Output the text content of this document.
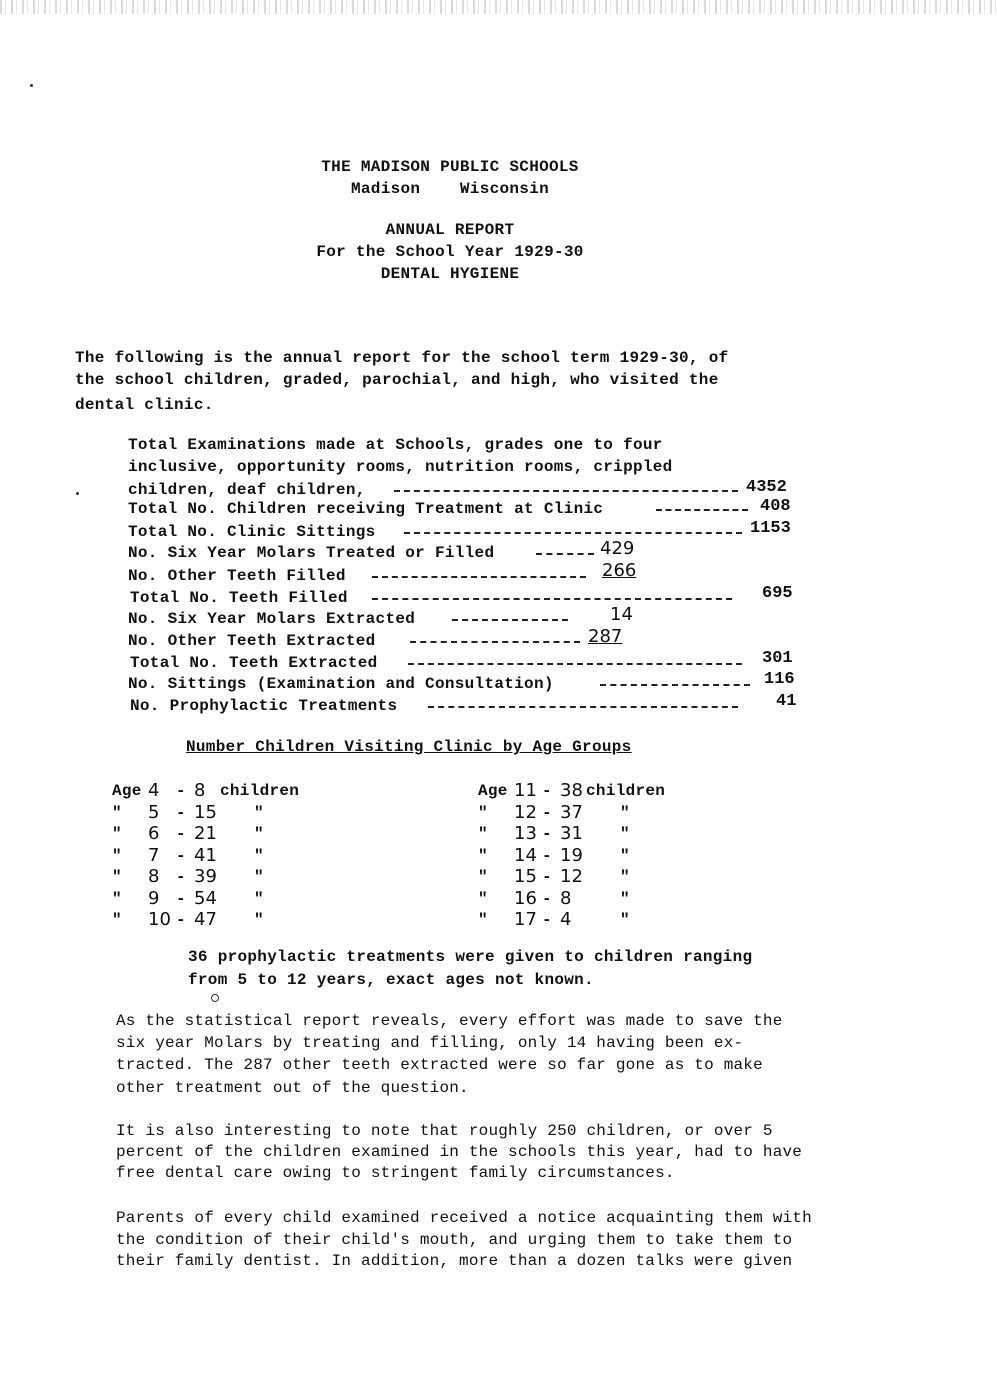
THE MADISON PUBLIC SCHOOLS
Madison    Wisconsin
ANNUAL REPORT
For the School Year 1929-30
DENTAL HYGIENE
The following is the annual report for the school term 1929-30, of
the school children, graded, parochial, and high, who visited the
dental clinic.
Total Examinations made at Schools, grades one to four
inclusive, opportunity rooms, nutrition rooms, crippled
children, deaf children,	4352
Total No. Children receiving Treatment at Clinic	408
Total No. Clinic Sittings	1153
No. Six Year Molars Treated or Filled	429
No. Other Teeth Filled	266
Total No. Teeth Filled	695
No. Six Year Molars Extracted	14
No. Other Teeth Extracted	287
Total No. Teeth Extracted	301
No. Sittings (Examination and Consultation)	116
No. Prophylactic Treatments	41
Number Children Visiting Clinic by Age Groups
Age 4 - 8 children
" 5 - 15 "
" 6 - 21 "
" 7 - 41 "
" 8 - 39 "
" 9 - 54 "
" 10 - 47 "
Age 11 - 38 children
" 12 - 37 "
" 13 - 31 "
" 14 - 19 "
" 15 - 12 "
" 16 - 8	"
" 17 - 4	"
36 prophylactic treatments were given to children ranging
from 5 to 12 years, exact ages not known.
As the statistical report reveals, every effort was made to save the
six year Molars by treating and filling, only 14 having been ex-
tracted. The 287 other teeth extracted were so far gone as to make
other treatment out of the question.
It is also interesting to note that roughly 250 children, or over 5
percent of the children examined in the schools this year, had to have
free dental care owing to stringent family circumstances.
Parents of every child examined received a notice acquainting them with
the condition of their child's mouth, and urging them to take them to
their family dentist. In addition, more than a dozen talks were given
